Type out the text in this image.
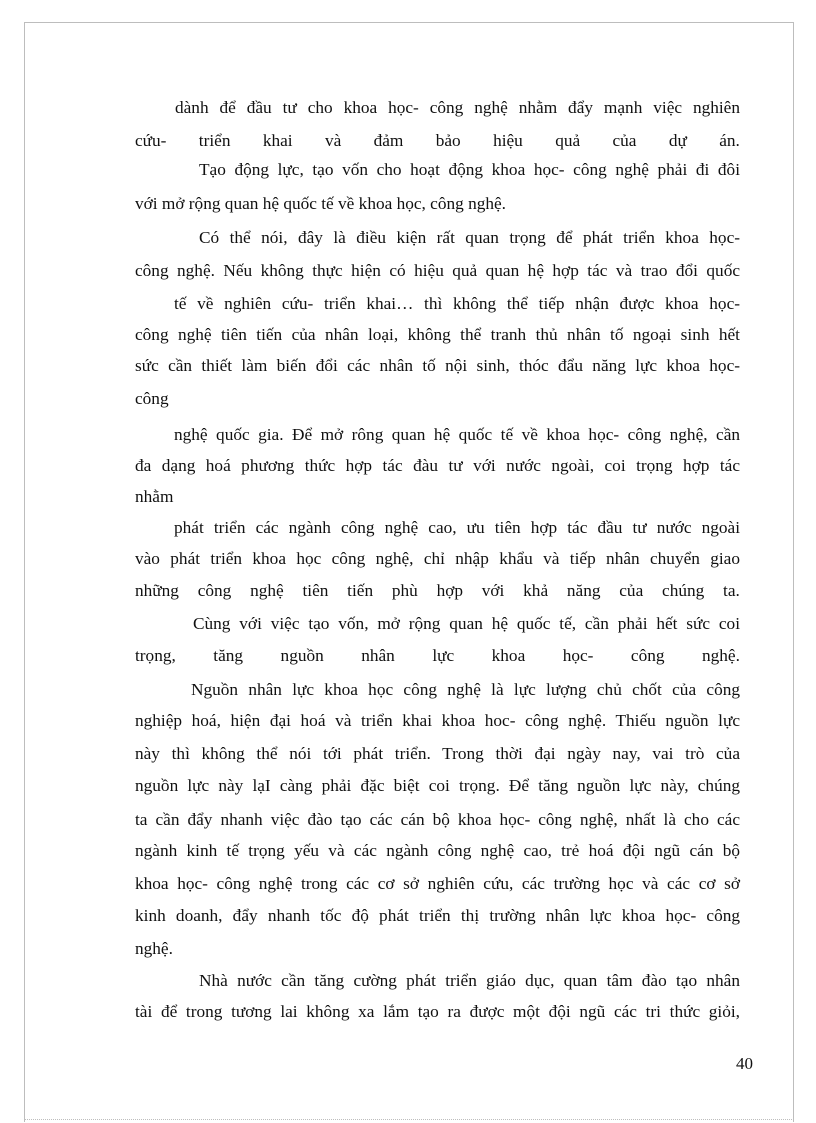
dành để đầu tư cho khoa học- công nghệ nhằm đẩy mạnh việc nghiên
cứu- triển khai và đảm bảo hiệu quả của dự án.
Tạo động lực, tạo vốn cho hoạt động khoa học- công nghệ phải đi đôi
với mở rộng quan hệ quốc tế về khoa học, công nghệ.
Có thể nói, đây là điều kiện rất quan trọng để phát triển khoa học-
công nghệ. Nếu không thực hiện có hiệu quả quan hệ hợp tác và trao đổi quốc
tế về nghiên cứu- triển khai… thì không thể tiếp nhận được khoa học-
công nghệ tiên tiến của nhân loại, không thể tranh thủ nhân tố ngoại sinh hết
sức cần thiết làm biến đổi các nhân tố nội sinh, thóc đẩu năng lực khoa học-
công
nghệ quốc gia. Để mở rông quan hệ quốc tế về khoa học- công nghệ, cần
đa dạng hoá phương thức hợp tác đàu tư với nước ngoài, coi trọng hợp tác
nhằm
phát triển các ngành công nghệ cao, ưu tiên hợp tác đầu tư nước ngoài
vào phát triển khoa học công nghệ, chỉ nhập khẩu và tiếp nhân chuyển giao
những công nghệ tiên tiến phù hợp với khả năng của chúng ta.
Cùng với việc tạo vốn, mở rộng quan hệ quốc tế, cần phải hết sức coi
trọng, tăng nguồn nhân lực khoa học- công nghệ.
Nguồn nhân lực khoa học công nghệ là lực lượng chủ chốt của công
nghiệp hoá, hiện đại hoá và triển khai khoa hoc- công nghệ. Thiếu nguồn lực
này thì không thể nói tới phát triển. Trong thời đại ngày nay, vai trò của
nguồn lực này lạI càng phải đặc biệt coi trọng. Để tăng nguồn lực này, chúng
ta cần đẩy nhanh việc đào tạo các cán bộ khoa học- công nghệ, nhất là cho các
ngành kinh tế trọng yếu và các ngành công nghệ cao, trẻ hoá đội ngũ cán bộ
khoa học- công nghệ trong các cơ sở nghiên cứu, các trường học và các cơ sở
kinh doanh, đẩy nhanh tốc độ phát triển thị trường nhân lực khoa học- công
nghệ.
Nhà nước cần tăng cường phát triển giáo dục, quan tâm đào tạo nhân
tài để trong tương lai không xa lắm tạo ra được một đội ngũ các tri thức giỏi,
40
